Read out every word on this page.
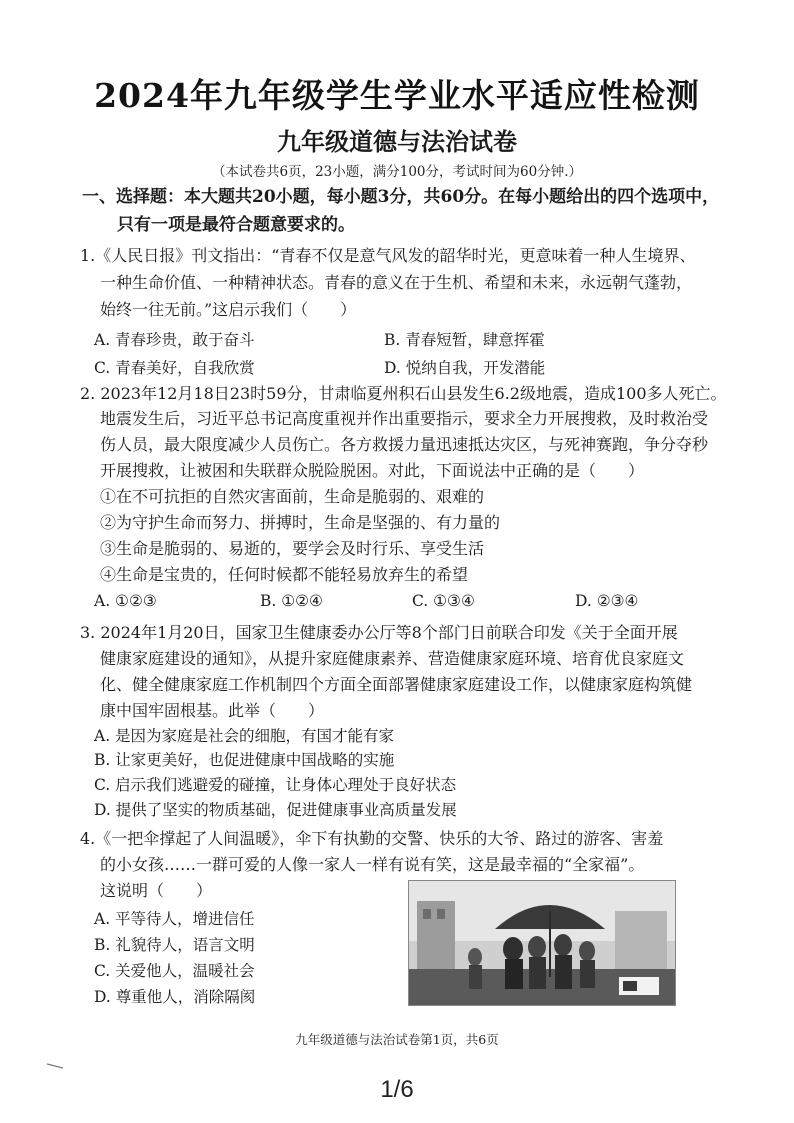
2024年九年级学生学业水平适应性检测
九年级道德与法治试卷
（本试卷共6页，23小题，满分100分，考试时间为60分钟.）
一、选择题：本大题共20小题，每小题3分，共60分。在每小题给出的四个选项中，
只有一项是最符合题意要求的。
1.《人民日报》刊文指出：“青春不仅是意气风发的韶华时光，更意味着一种人生境界、
一种生命价值、一种精神状态。青春的意义在于生机、希望和未来，永远朝气蓬勃，
始终一往无前。”这启示我们（　　）
A. 青春珍贵，敢于奋斗	B. 青春短暂，肆意挥霍
C. 青春美好，自我欣赏	D. 悦纳自我，开发潜能
2. 2023年12月18日23时59分，甘肃临夏州积石山县发生6.2级地震，造成100多人死亡。
地震发生后，习近平总书记高度重视并作出重要指示，要求全力开展搜救，及时救治受
伤人员，最大限度减少人员伤亡。各方救援力量迅速抵达灾区，与死神赛跑，争分夺秒
开展搜救，让被困和失联群众脱险脱困。对此，下面说法中正确的是（　　）
①在不可抗拒的自然灾害面前，生命是脆弱的、艰难的
②为守护生命而努力、拼搏时，生命是坚强的、有力量的
③生命是脆弱的、易逝的，要学会及时行乐、享受生活
④生命是宝贵的，任何时候都不能轻易放弃生的希望
A. ①②③	B. ①②④	C. ①③④	D. ②③④
3. 2024年1月20日，国家卫生健康委办公厅等8个部门日前联合印发《关于全面开展
健康家庭建设的通知》，从提升家庭健康素养、营造健康家庭环境、培育优良家庭文
化、健全健康家庭工作机制四个方面全面部署健康家庭建设工作，以健康家庭构筑健
康中国牢固根基。此举（　　）
A. 是因为家庭是社会的细胞，有国才能有家
B. 让家更美好，也促进健康中国战略的实施
C. 启示我们逃避爱的碰撞，让身体心理处于良好状态
D. 提供了坚实的物质基础，促进健康事业高质量发展
4.《一把伞撑起了人间温暖》，伞下有执勤的交警、快乐的大爷、路过的游客、害羞
的小女孩……一群可爱的人像一家人一样有说有笑，这是最幸福的“全家福”。
这说明（　　）
A. 平等待人，增进信任
B. 礼貌待人，语言文明
C. 关爱他人，温暖社会
D. 尊重他人，消除隔阂
九年级道德与法治试卷第1页，共6页
1/6
